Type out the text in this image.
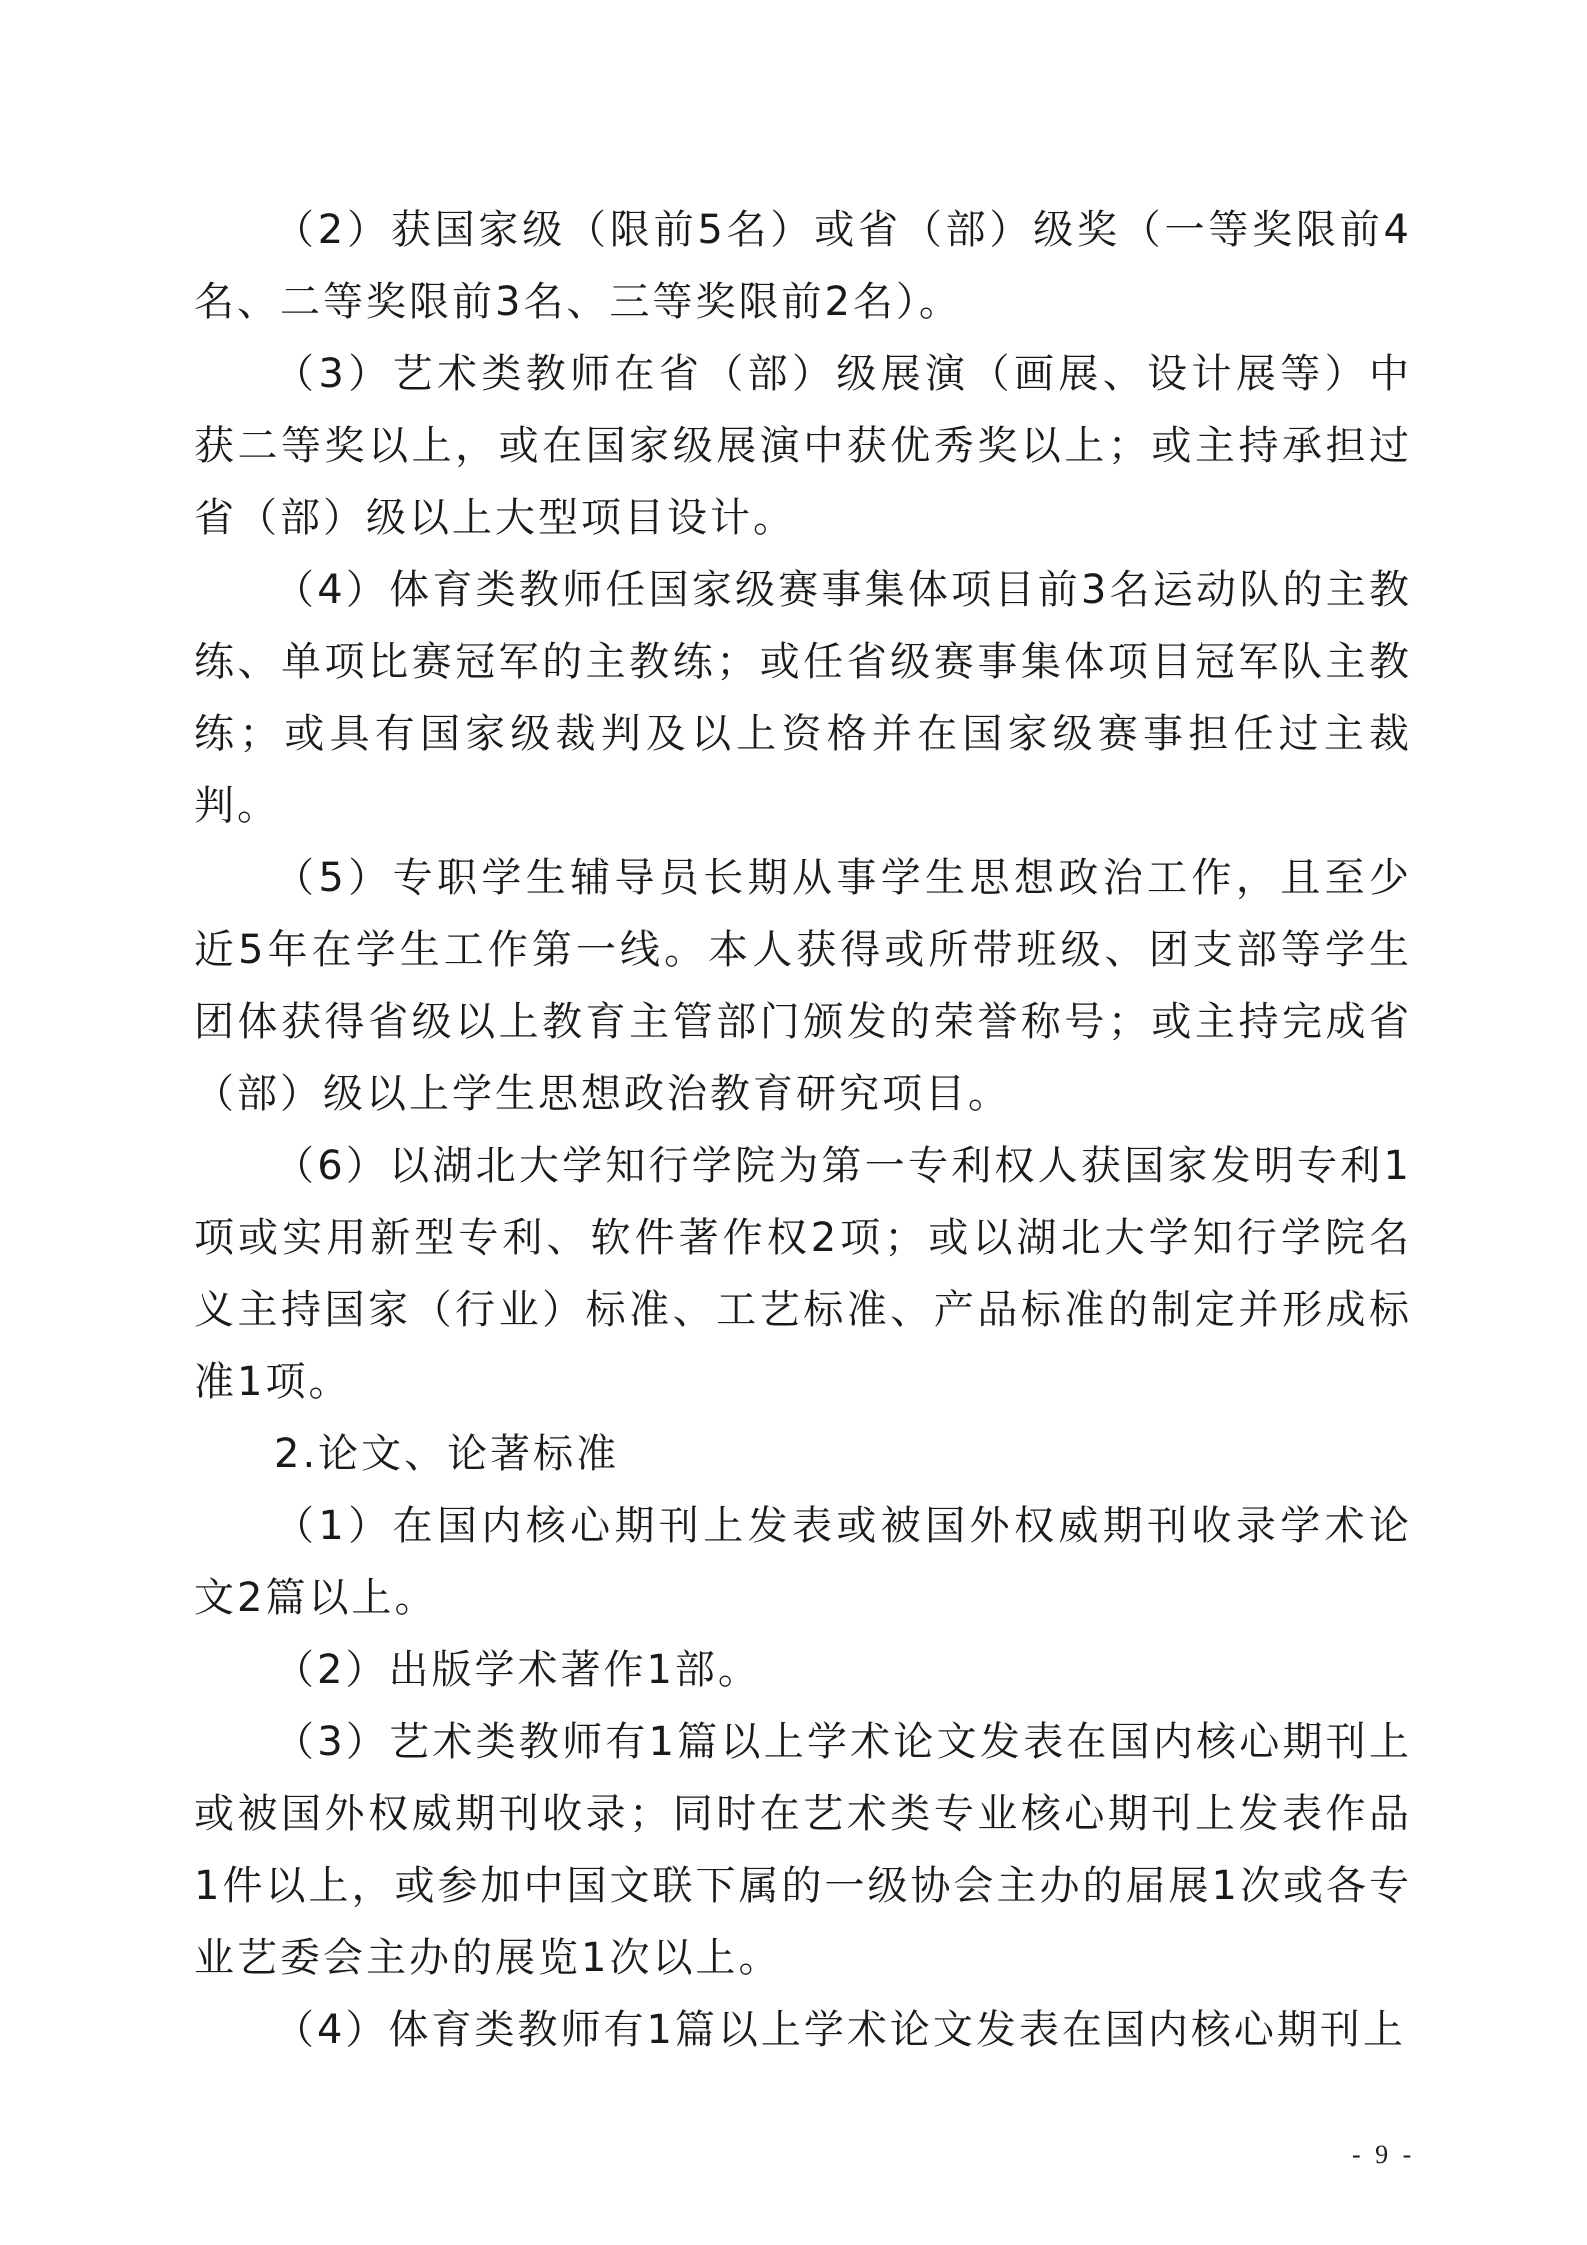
（2）获国家级（限前5名）或省（部）级奖（一等奖限前4名、二等奖限前3名、三等奖限前2名）。

（3）艺术类教师在省（部）级展演（画展、设计展等）中获二等奖以上，或在国家级展演中获优秀奖以上；或主持承担过省（部）级以上大型项目设计。

（4）体育类教师任国家级赛事集体项目前3名运动队的主教练、单项比赛冠军的主教练；或任省级赛事集体项目冠军队主教练；或具有国家级裁判及以上资格并在国家级赛事担任过主裁判。

（5）专职学生辅导员长期从事学生思想政治工作，且至少近5年在学生工作第一线。本人获得或所带班级、团支部等学生团体获得省级以上教育主管部门颁发的荣誉称号；或主持完成省（部）级以上学生思想政治教育研究项目。

（6）以湖北大学知行学院为第一专利权人获国家发明专利1项或实用新型专利、软件著作权2项；或以湖北大学知行学院名义主持国家（行业）标准、工艺标准、产品标准的制定并形成标准1项。

2.论文、论著标准

（1）在国内核心期刊上发表或被国外权威期刊收录学术论文2篇以上。

（2）出版学术著作1部。

（3）艺术类教师有1篇以上学术论文发表在国内核心期刊上或被国外权威期刊收录；同时在艺术类专业核心期刊上发表作品1件以上，或参加中国文联下属的一级协会主办的届展1次或各专业艺委会主办的展览1次以上。

（4）体育类教师有1篇以上学术论文发表在国内核心期刊上

- 9 -
